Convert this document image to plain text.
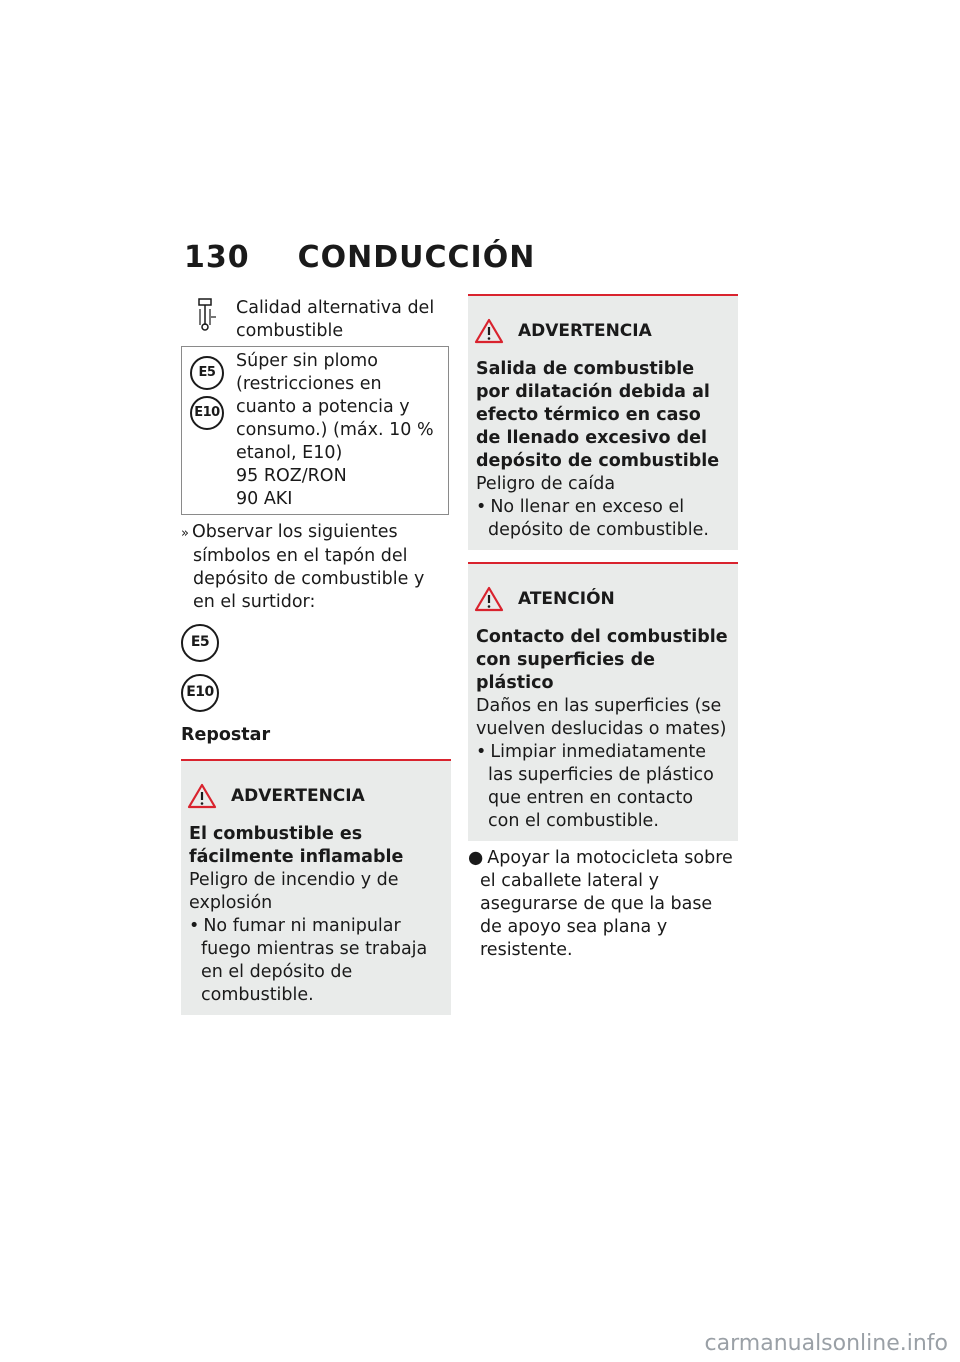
130 CONDUCCIÓN
	Calidad alternativa del combustible

E5 E10	Súper sin plomo (restricciones en cuanto a potencia y consumo.) (máx. 10 % etanol, E10)
95 ROZ/RON
90 AKI
» Observar los siguientes símbolos en el tapón del depósito de combustible y en el surtidor:
E5
E10
Repostar
ADVERTENCIA
El combustible es fácilmente inflamable
Peligro de incendio y de explosión
• No fumar ni manipular fuego mientras se trabaja en el depósito de combustible.
ADVERTENCIA
Salida de combustible por dilatación debida al efecto térmico en caso de llenado excesivo del depósito de combustible
Peligro de caída
• No llenar en exceso el depósito de combustible.
ATENCIÓN
Contacto del combustible con superficies de plástico
Daños en las superficies (se vuelven deslucidas o mates)
• Limpiar inmediatamente las superficies de plástico que entren en contacto con el combustible.
● Apoyar la motocicleta sobre el caballete lateral y asegurarse de que la base de apoyo sea plana y resistente.
carmanualsonline.info
